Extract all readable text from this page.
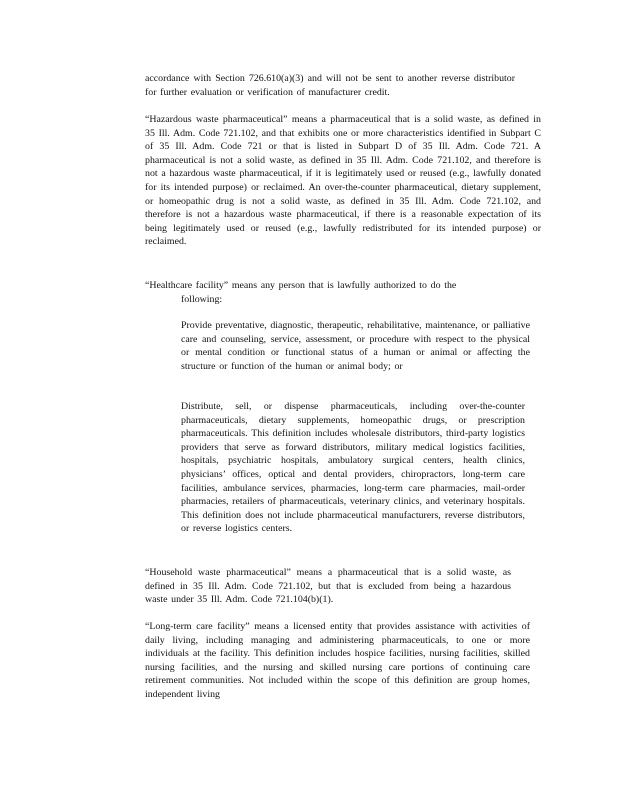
accordance with Section 726.610(a)(3) and will not be sent to another reverse distributor for further evaluation or verification of manufacturer credit.

“Hazardous waste pharmaceutical” means a pharmaceutical that is a solid waste, as defined in 35 Ill. Adm. Code 721.102, and that exhibits one or more characteristics identified in Subpart C of 35 Ill. Adm. Code 721 or that is listed in Subpart D of 35 Ill. Adm. Code 721. A pharmaceutical is not a solid waste, as defined in 35 Ill. Adm. Code 721.102, and therefore is not a hazardous waste pharmaceutical, if it is legitimately used or reused (e.g., lawfully donated for its intended purpose) or reclaimed. An over-the-counter pharmaceutical, dietary supplement, or homeopathic drug is not a solid waste, as defined in 35 Ill. Adm. Code 721.102, and therefore is not a hazardous waste pharmaceutical, if there is a reasonable expectation of its being legitimately used or reused (e.g., lawfully redistributed for its intended purpose) or reclaimed.

“Healthcare facility” means any person that is lawfully authorized to do the
following:

Provide preventative, diagnostic, therapeutic, rehabilitative, maintenance, or palliative care and counseling, service, assessment, or procedure with respect to the physical or mental condition or functional status of a human or animal or affecting the structure or function of the human or animal body; or

Distribute, sell, or dispense pharmaceuticals, including over-the-counter pharmaceuticals, dietary supplements, homeopathic drugs, or prescription pharmaceuticals. This definition includes wholesale distributors, third-party logistics providers that serve as forward distributors, military medical logistics facilities, hospitals, psychiatric hospitals, ambulatory surgical centers, health clinics, physicians’ offices, optical and dental providers, chiropractors, long-term care facilities, ambulance services, pharmacies, long-term care pharmacies, mail-order pharmacies, retailers of pharmaceuticals, veterinary clinics, and veterinary hospitals. This definition does not include pharmaceutical manufacturers, reverse distributors, or reverse logistics centers.

“Household waste pharmaceutical” means a pharmaceutical that is a solid waste, as defined in 35 Ill. Adm. Code 721.102, but that is excluded from being a hazardous waste under 35 Ill. Adm. Code 721.104(b)(1).

“Long-term care facility” means a licensed entity that provides assistance with activities of daily living, including managing and administering pharmaceuticals, to one or more individuals at the facility. This definition includes hospice facilities, nursing facilities, skilled nursing facilities, and the nursing and skilled nursing care portions of continuing care retirement communities. Not included within the scope of this definition are group homes, independent living
